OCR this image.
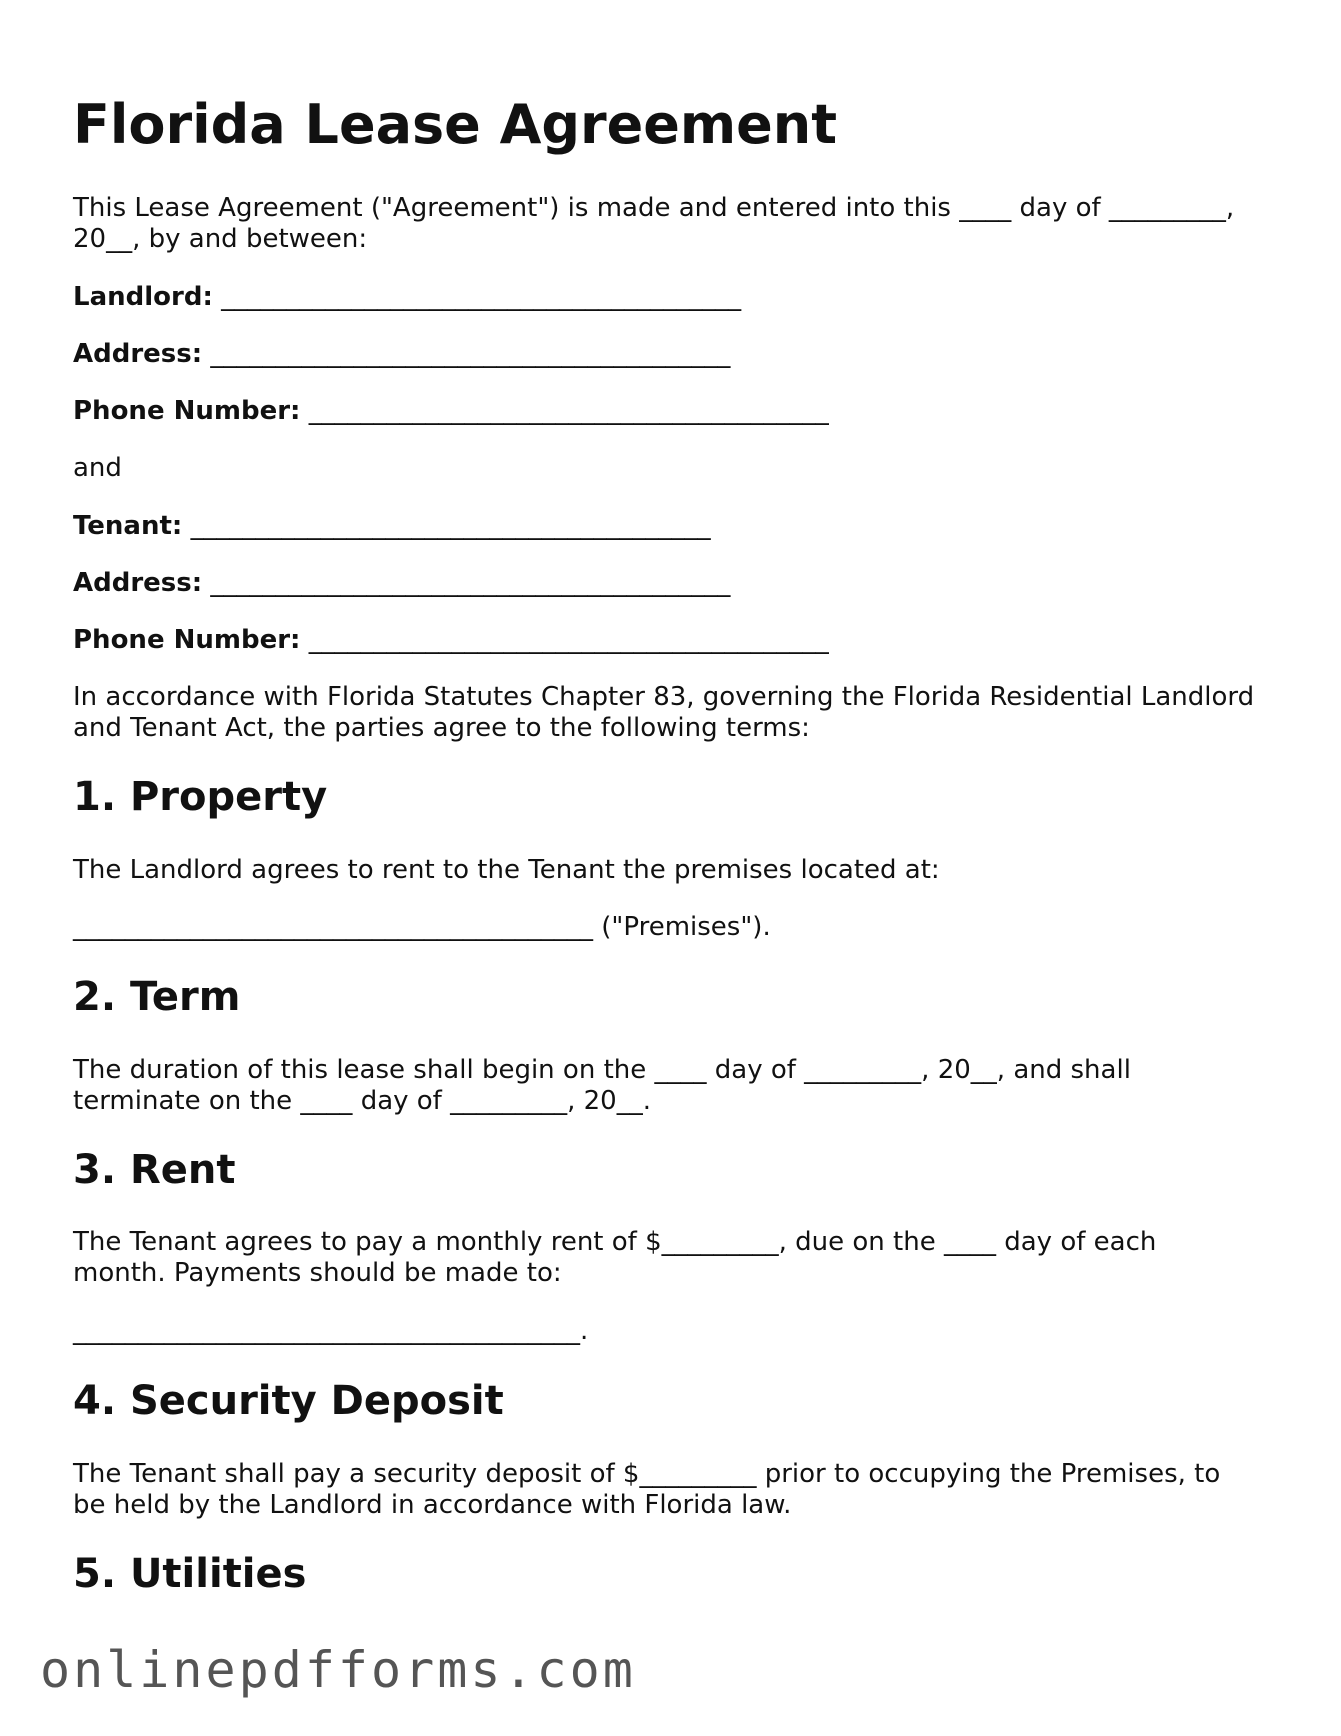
Florida Lease Agreement

This Lease Agreement ("Agreement") is made and entered into this ____ day of _________,

20__, by and between:

Landlord: ________________________________________

Address: ________________________________________

Phone Number: ________________________________________

and

Tenant: ________________________________________

Address: ________________________________________

Phone Number: ________________________________________

In accordance with Florida Statutes Chapter 83, governing the Florida Residential Landlord

and Tenant Act, the parties agree to the following terms:

1. Property

The Landlord agrees to rent to the Tenant the premises located at:

________________________________________ ("Premises").

2. Term

The duration of this lease shall begin on the ____ day of _________, 20__, and shall

terminate on the ____ day of _________, 20__.

3. Rent

The Tenant agrees to pay a monthly rent of $_________, due on the ____ day of each

month. Payments should be made to:

_______________________________________.

4. Security Deposit

The Tenant shall pay a security deposit of $_________ prior to occupying the Premises, to

be held by the Landlord in accordance with Florida law.

5. Utilities
onlinepdfforms.com
